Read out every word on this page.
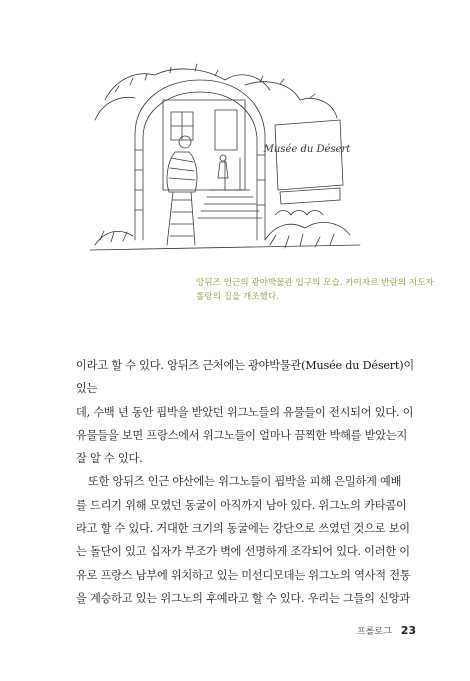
Musée du Désert

앙뒤즈 인근의 광야박물관 입구의 모습. 카미자르 반란의 지도자

롤랑의 집을 개조했다.

이라고 할 수 있다. 앙뒤즈 근처에는 광야박물관(Musée du Désert)이 있는
데, 수백 년 동안 핍박을 받았던 위그노들의 유물들이 전시되어 있다. 이
유물들을 보면 프랑스에서 위그노들이 얼마나 끔찍한 박해를 받았는지
잘 알 수 있다.

또한 앙뒤즈 인근 야산에는 위그노들이 핍박을 피해 은밀하게 예배
를 드리기 위해 모였던 동굴이 아직까지 남아 있다. 위그노의 카타콤이
라고 할 수 있다. 거대한 크기의 동굴에는 강단으로 쓰였던 것으로 보이
는 돌단이 있고 십자가 부조가 벽에 선명하게 조각되어 있다. 이러한 이
유로 프랑스 남부에 위치하고 있는 미선디모데는 위그노의 역사적 전통
을 계승하고 있는 위그노의 후예라고 할 수 있다. 우리는 그들의 신앙과

프롤로그 23
